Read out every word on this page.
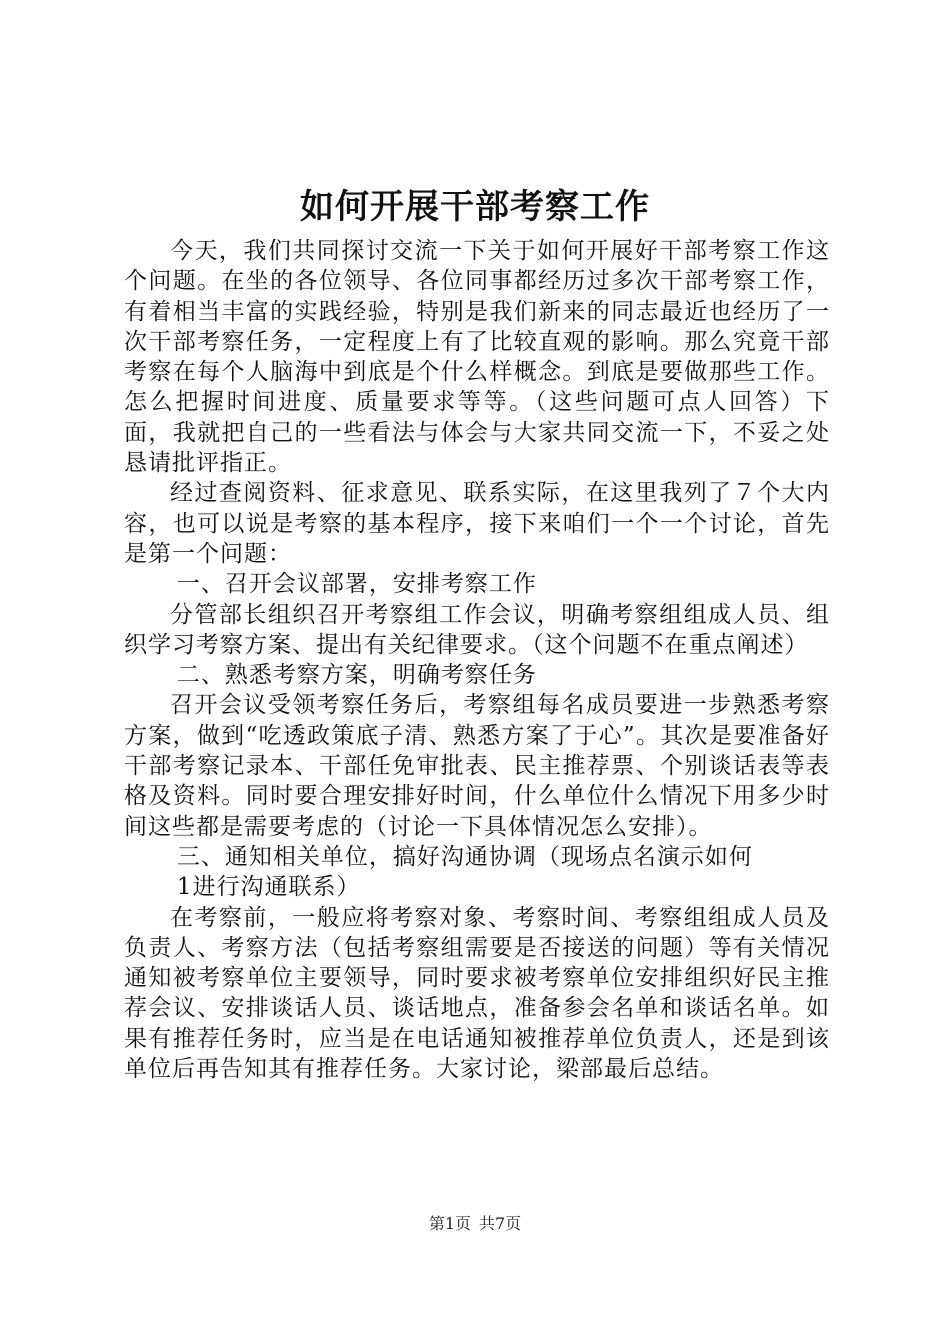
如何开展干部考察工作

今天，我们共同探讨交流一下关于如何开展好干部考察工作这个问题。在坐的各位领导、各位同事都经历过多次干部考察工作，有着相当丰富的实践经验，特别是我们新来的同志最近也经历了一次干部考察任务，一定程度上有了比较直观的影响。那么究竟干部考察在每个人脑海中到底是个什么样概念。到底是要做那些工作。怎么把握时间进度、质量要求等等。（这些问题可点人回答）下面，我就把自己的一些看法与体会与大家共同交流一下，不妥之处恳请批评指正。

经过查阅资料、征求意见、联系实际，在这里我列了７个大内容，也可以说是考察的基本程序，接下来咱们一个一个讨论，首先是第一个问题：

一、召开会议部署，安排考察工作

分管部长组织召开考察组工作会议，明确考察组组成人员、组织学习考察方案、提出有关纪律要求。（这个问题不在重点阐述）

二、熟悉考察方案，明确考察任务

召开会议受领考察任务后，考察组每名成员要进一步熟悉考察方案，做到“吃透政策底子清、熟悉方案了于心”。其次是要准备好干部考察记录本、干部任免审批表、民主推荐票、个别谈话表等表格及资料。同时要合理安排好时间，什么单位什么情况下用多少时间这些都是需要考虑的（讨论一下具体情况怎么安排）。

三、通知相关单位，搞好沟通协调（现场点名演示如何

1进行沟通联系）

在考察前，一般应将考察对象、考察时间、考察组组成人员及负责人、考察方法（包括考察组需要是否接送的问题）等有关情况通知被考察单位主要领导，同时要求被考察单位安排组织好民主推荐会议、安排谈话人员、谈话地点，准备参会名单和谈话名单。如果有推荐任务时，应当是在电话通知被推荐单位负责人，还是到该单位后再告知其有推荐任务。大家讨论，梁部最后总结。

第1页 共7页
